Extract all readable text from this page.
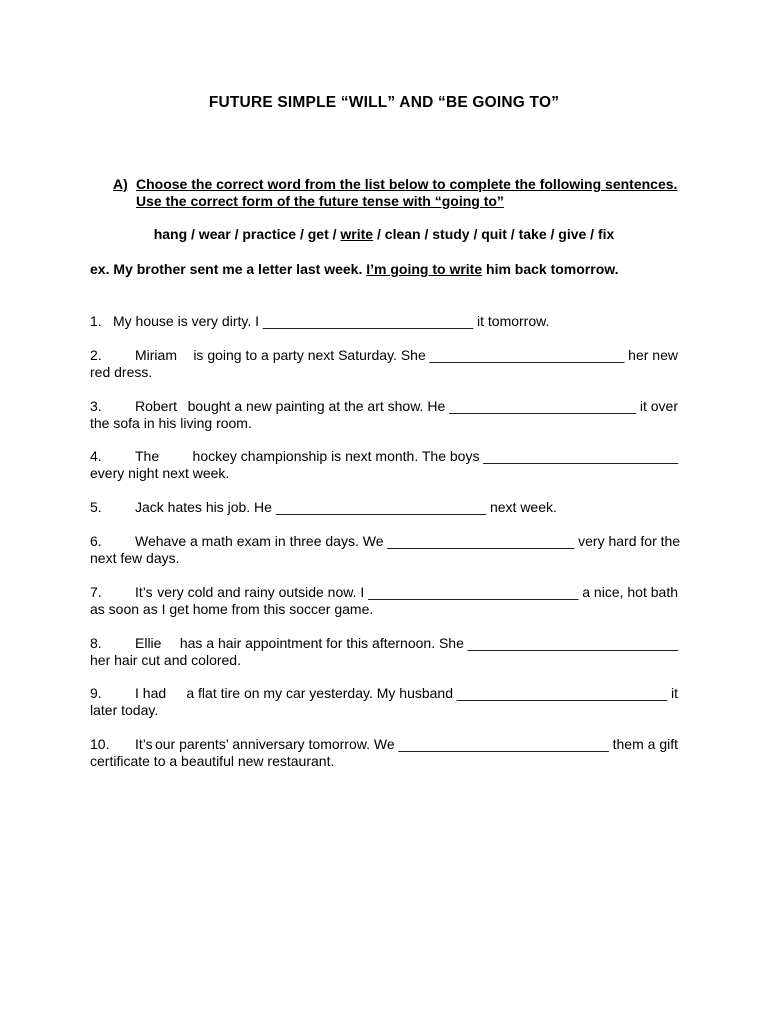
FUTURE SIMPLE “WILL” AND “BE GOING TO”
A) Choose the correct word from the list below to complete the following sentences.
Use the correct form of the future tense with “going to”
hang / wear / practice / get / write / clean / study / quit / take / give / fix
ex. My brother sent me a letter last week. I’m going to write him back tomorrow.
1. My house is very dirty. I ___________________________ it tomorrow.
2. Miriam is going to a party next Saturday. She _________________________ her new
red dress.
3. Robert bought a new painting at the art show. He ________________________ it over
the sofa in his living room.
4. The hockey championship is next month. The boys _________________________
every night next week.
5. Jack hates his job. He ___________________________ next week.
6. We have a math exam in three days. We ________________________ very hard for the
next few days.
7. It’s very cold and rainy outside now. I ___________________________ a nice, hot bath
as soon as I get home from this soccer game.
8. Ellie has a hair appointment for this afternoon. She ___________________________
her hair cut and colored.
9. I had a flat tire on my car yesterday. My husband ___________________________ it
later today.
10. It’s our parents’ anniversary tomorrow. We ___________________________ them a gift
certificate to a beautiful new restaurant.
